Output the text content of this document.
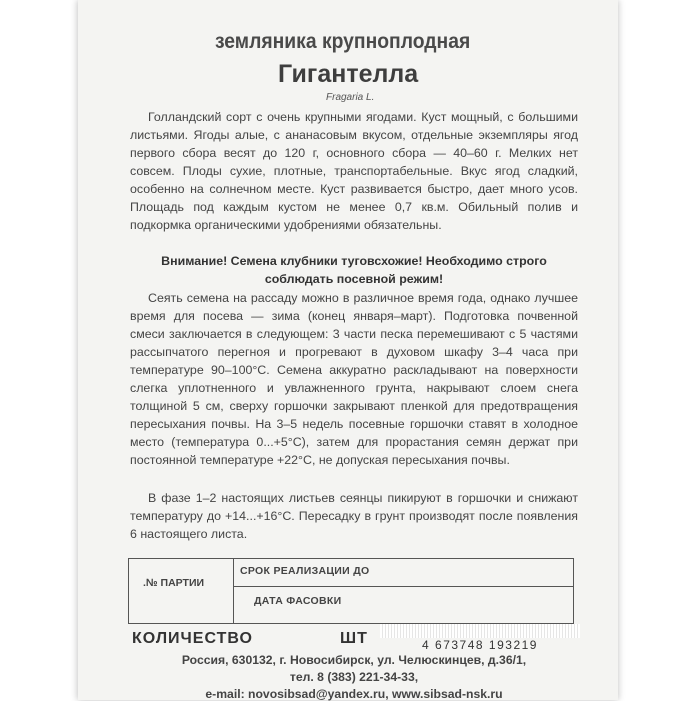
земляника крупноплодная
Гигантелла
Fragaria L.
Голландский сорт с очень крупными ягодами. Куст мощный, с большими листьями. Ягоды алые, с ананасовым вкусом, отдельные экземпляры ягод первого сбора весят до 120 г, основного сбора — 40–60 г. Мелких нет совсем. Плоды сухие, плотные, транспортабельные. Вкус ягод сладкий, особенно на солнечном месте. Куст развивается быстро, дает много усов. Площадь под каждым кустом не менее 0,7 кв.м. Обильный полив и подкормка органическими удобрениями обязательны.
Внимание! Семена клубники туговсхожие! Необходимо строго соблюдать посевной режим!
Сеять семена на рассаду можно в различное время года, однако лучшее время для посева — зима (конец января–март). Подготовка почвенной смеси заключается в следующем: 3 части песка перемешивают с 5 частями рассыпчатого перегноя и прогревают в духовом шкафу 3–4 часа при температуре 90–100°C. Семена аккуратно раскладывают на поверхности слегка уплотненного и увлажненного грунта, накрывают слоем снега толщиной 5 см, сверху горшочки закрывают пленкой для предотвращения пересыхания почвы. На 3–5 недель посевные горшочки ставят в холодное место (температура 0...+5°C), затем для прорастания семян держат при постоянной температуре +22°C, не допуская пересыхания почвы.
В фазе 1–2 настоящих листьев сеянцы пикируют в горшочки и снижают температуру до +14...+16°C. Пересадку в грунт производят после появления 6 настоящего листа.
.№ ПАРТИИ
СРОК РЕАЛИЗАЦИИ ДО
ДАТА ФАСОВКИ
КОЛИЧЕСТВО	ШТ	4 673748 193219
Россия, 630132, г. Новосибирск, ул. Челюскинцев, д.36/1,
тел. 8 (383) 221-34-33,
e-mail: novosibsad@yandex.ru, www.sibsad-nsk.ru
